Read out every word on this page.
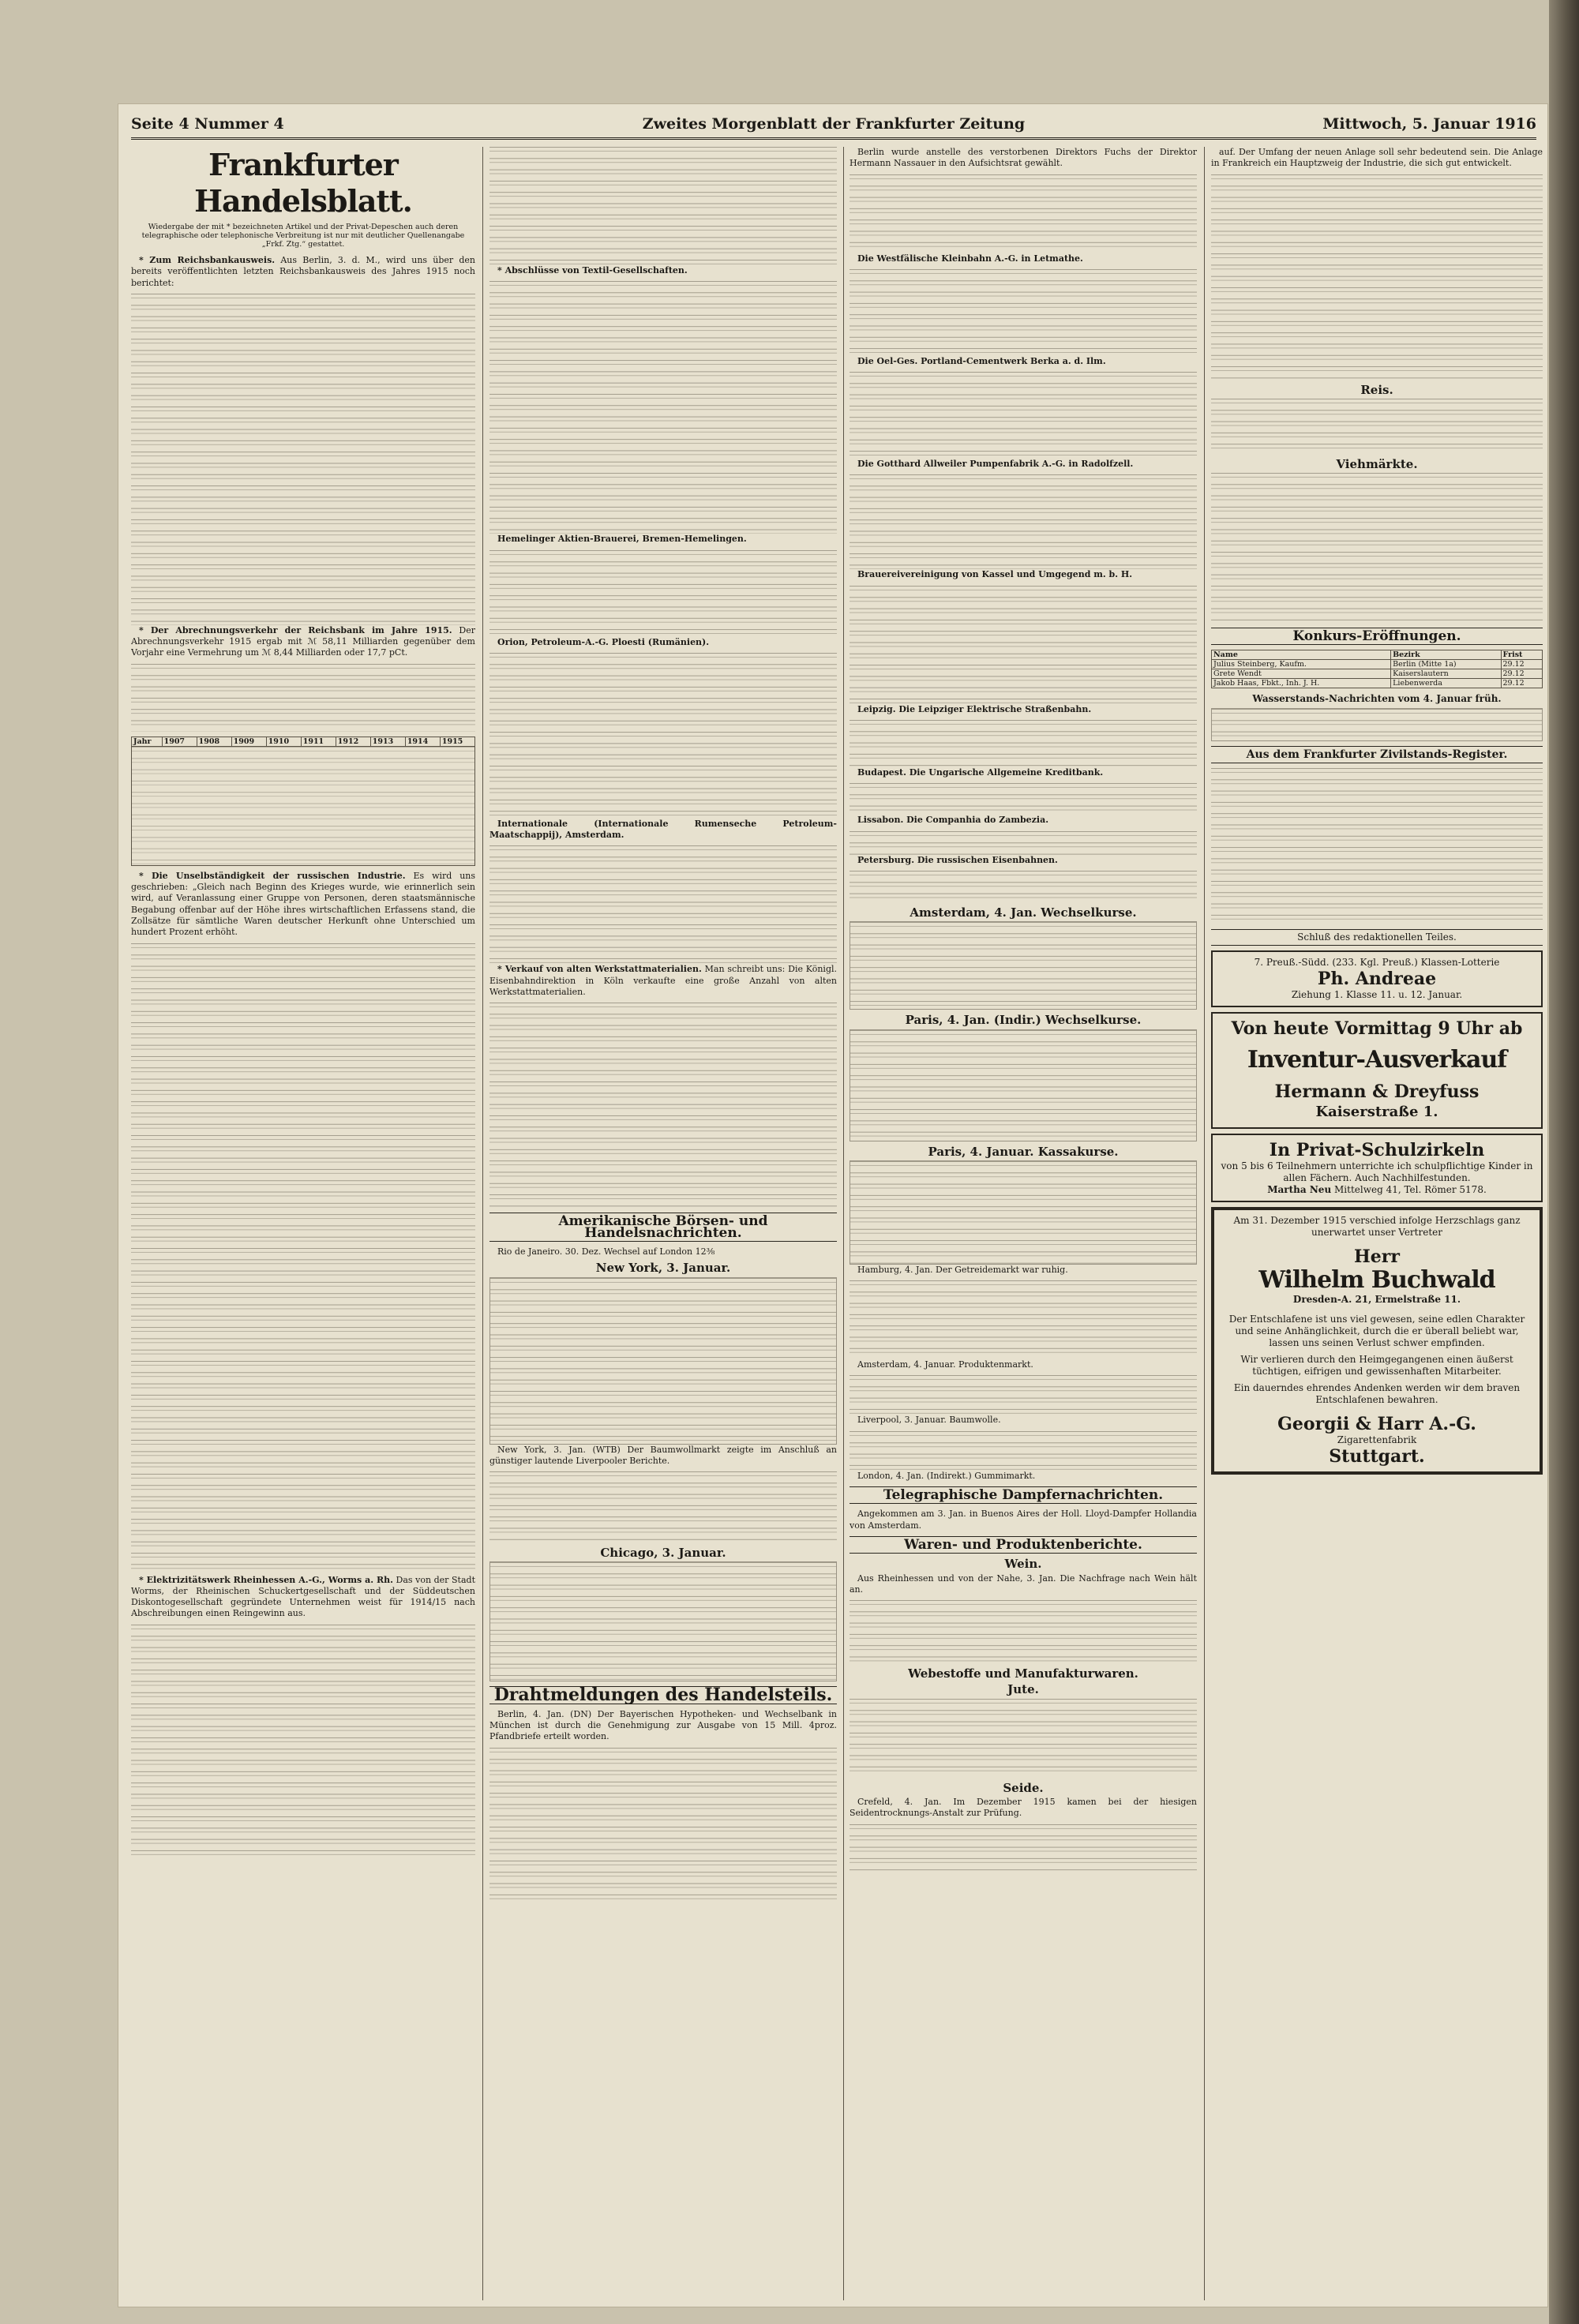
Seite 4 Nummer 4	Zweites Morgenblatt der Frankfurter Zeitung	Mittwoch, 5. Januar 1916
Frankfurter Handelsblatt.
Wiedergabe der mit * bezeichneten Artikel und der Privat-Depeschen auch deren telegraphische oder telephonische Verbreitung ist nur mit deutlicher Quellenangabe „Frkf. Ztg.“ gestattet.

* Zum Reichsbankausweis. Aus Berlin, 3. d. M., wird uns über den bereits veröffentlichten letzten Reichsbankausweis des Jahres 1915 noch berichtet:

* Der Abrechnungsverkehr der Reichsbank im Jahre 1915. Der Abrechnungsverkehr 1915 ergab mit ℳ 58,11 Milliarden gegenüber dem Vorjahr eine Vermehrung um ℳ 8,44 Milliarden oder 17,7 pCt.

Jahr	1907	1908	1909	1910	1911	1912	1913	1914	1915

* Die Unselbständigkeit der russischen Industrie. Es wird uns geschrieben: „Gleich nach Beginn des Krieges wurde, wie erinnerlich sein wird, auf Veranlassung einer Gruppe von Personen, deren staatsmännische Begabung offenbar auf der Höhe ihres wirtschaftlichen Erfassens stand, die Zollsätze für sämtliche Waren deutscher Herkunft ohne Unterschied um hundert Prozent erhöht.

* Elektrizitätswerk Rheinhessen A.-G., Worms a. Rh. Das von der Stadt Worms, der Rheinischen Schuckertgesellschaft und der Süddeutschen Diskontogesellschaft gegründete Unternehmen weist für 1914/15 nach Abschreibungen einen Reingewinn aus.

* Abschlüsse von Textil-Gesellschaften.

Hemelinger Aktien-Brauerei, Bremen-Hemelingen.

Orion, Petroleum-A.-G. Ploesti (Rumänien).

Internationale (Internationale Rumenseche Petroleum-Maatschappij), Amsterdam.

* Verkauf von alten Werkstattmaterialien. Man schreibt uns: Die Königl. Eisenbahndirektion in Köln verkaufte eine große Anzahl von alten Werkstattmaterialien.

Amerikanische Börsen- und Handelsnachrichten.

Rio de Janeiro. 30. Dez. Wechsel auf London 12⅜

New York, 3. Januar.

New York, 3. Jan. (WTB) Der Baumwollmarkt zeigte im Anschluß an günstiger lautende Liverpooler Berichte.

Chicago, 3. Januar.
Drahtmeldungen des Handelsteils.

Berlin, 4. Jan. (DN) Der Bayerischen Hypotheken- und Wechselbank in München ist durch die Genehmigung zur Ausgabe von 15 Mill. 4proz. Pfandbriefe erteilt worden.

Berlin wurde anstelle des verstorbenen Direktors Fuchs der Direktor Hermann Nassauer in den Aufsichtsrat gewählt.

Die Westfälische Kleinbahn A.-G. in Letmathe.

Die Oel-Ges. Portland-Cementwerk Berka a. d. Ilm.

Die Gotthard Allweiler Pumpenfabrik A.-G. in Radolfzell.

Brauereivereinigung von Kassel und Umgegend m. b. H.

Leipzig. Die Leipziger Elektrische Straßenbahn.

Budapest. Die Ungarische Allgemeine Kreditbank.

Lissabon. Die Companhia do Zambezia.

Petersburg. Die russischen Eisenbahnen.

Amsterdam, 4. Jan. Wechselkurse.
Paris, 4. Jan. (Indir.) Wechselkurse.
Paris, 4. Januar. Kassakurse.

Hamburg, 4. Jan. Der Getreidemarkt war ruhig.

Amsterdam, 4. Januar. Produktenmarkt.

Liverpool, 3. Januar. Baumwolle.

London, 4. Jan. (Indirekt.) Gummimarkt.

Telegraphische Dampfernachrichten.

Angekommen am 3. Jan. in Buenos Aires der Holl. Lloyd-Dampfer Hollandia von Amsterdam.

Waren- und Produktenberichte.
Wein.

Aus Rheinhessen und von der Nahe, 3. Jan. Die Nachfrage nach Wein hält an.

Webestoffe und Manufakturwaren.
Jute.
Seide.

Crefeld, 4. Jan. Im Dezember 1915 kamen bei der hiesigen Seidentrocknungs-Anstalt zur Prüfung.

auf. Der Umfang der neuen Anlage soll sehr bedeutend sein. Die Anlage in Frankreich ein Hauptzweig der Industrie, die sich gut entwickelt.

Reis.
Viehmärkte.
Konkurs-Eröffnungen.
Name	Bezirk	Frist
Julius Steinberg, Kaufm.	Berlin (Mitte 1a)	29.12
Grete Wendt	Kaiserslautern	29.12
Jakob Haas, Fbkt., Inh. J. H.	Liebenwerda	29.12
Wasserstands-Nachrichten vom 4. Januar früh.
Aus dem Frankfurter Zivilstands-Register.
Schluß des redaktionellen Teiles.
7. Preuß.-Südd. (233. Kgl. Preuß.) Klassen-Lotterie
Ph. Andreae
Ziehung 1. Klasse 11. u. 12. Januar.
Von heute Vormittag 9 Uhr ab
Inventur-Ausverkauf
Hermann & Dreyfuss
Kaiserstraße 1.
In Privat-Schulzirkeln
von 5 bis 6 Teilnehmern unterrichte ich schulpflichtige Kinder in allen Fächern. Auch Nachhilfestunden.
Martha Neu Mittelweg 41, Tel. Römer 5178.
Am 31. Dezember 1915 verschied infolge Herzschlags ganz unerwartet unser Vertreter
Herr
Wilhelm Buchwald
Dresden-A. 21, Ermelstraße 11.
Der Entschlafene ist uns viel gewesen, seine edlen Charakter und seine Anhänglichkeit, durch die er überall beliebt war, lassen uns seinen Verlust schwer empfinden.
Wir verlieren durch den Heimgegangenen einen äußerst tüchtigen, eifrigen und gewissenhaften Mitarbeiter.
Ein dauerndes ehrendes Andenken werden wir dem braven Entschlafenen bewahren.
Georgii & Harr A.-G.
Zigarettenfabrik
Stuttgart.
